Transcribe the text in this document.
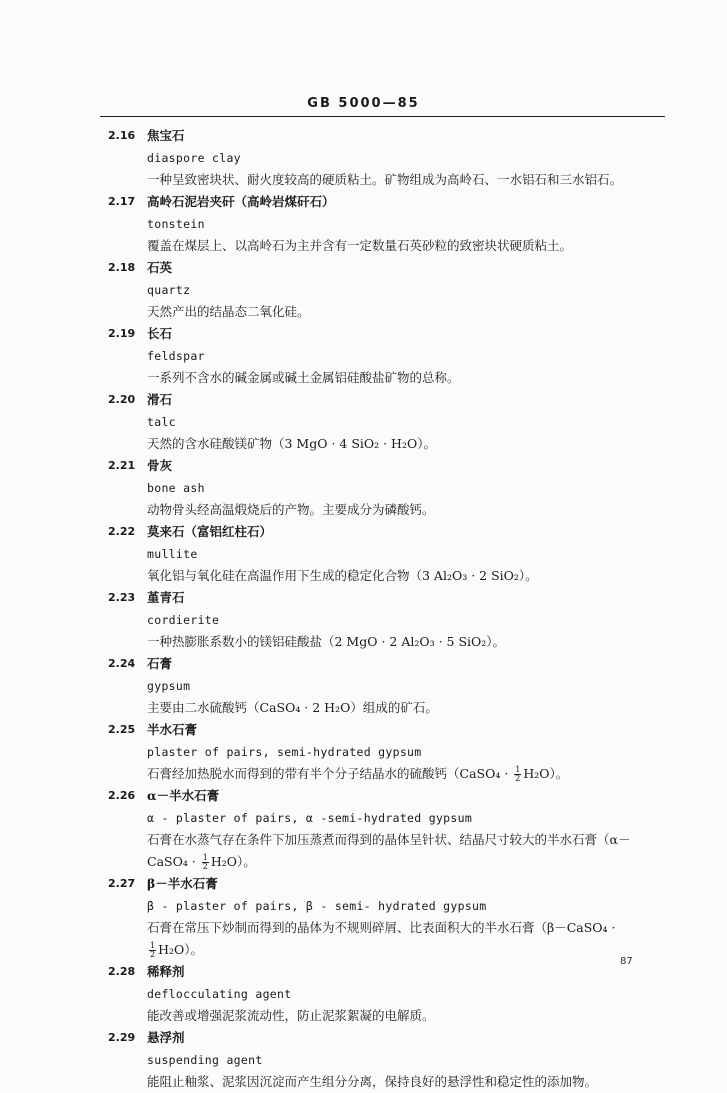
GB 5000—85
2.16 焦宝石
diaspore clay
一种呈致密块状、耐火度较高的硬质粘土。矿物组成为高岭石、一水铝石和三水铝石。
2.17 高岭石泥岩夹矸（高岭岩煤矸石）
tonstein
覆盖在煤层上、以高岭石为主并含有一定数量石英砂粒的致密块状硬质粘土。
2.18 石英
quartz
天然产出的结晶态二氧化硅。
2.19 长石
feldspar
一系列不含水的碱金属或碱土金属铝硅酸盐矿物的总称。
2.20 滑石
talc
天然的含水硅酸镁矿物（3 MgO · 4 SiO₂ · H₂O）。
2.21 骨灰
bone ash
动物骨头经高温煅烧后的产物。主要成分为磷酸钙。
2.22 莫来石（富铝红柱石）
mullite
氧化铝与氧化硅在高温作用下生成的稳定化合物（3 Al₂O₃ · 2 SiO₂）。
2.23 堇青石
cordierite
一种热膨胀系数小的镁铝硅酸盐（2 MgO · 2 Al₂O₃ · 5 SiO₂）。
2.24 石膏
gypsum
主要由二水硫酸钙（CaSO₄ · 2 H₂O）组成的矿石。
2.25 半水石膏
plaster of pairs, semi-hydrated gypsum
石膏经加热脱水而得到的带有半个分子结晶水的硫酸钙（CaSO₄ · $\frac{1}{2} H_2O$）。
2.26 α－半水石膏
α - plaster of pairs, α -semi-hydrated gypsum
石膏在水蒸气存在条件下加压蒸煮而得到的晶体呈针状、结晶尺寸较大的半水石膏（α－
CaSO₄ · $\frac{1}{2} H_2O$）。
2.27 β－半水石膏
β - plaster of pairs, β - semi- hydrated gypsum
石膏在常压下炒制而得到的晶体为不规则碎屑、比表面积大的半水石膏（β－CaSO₄ ·
$\frac{1}{2} H_2O$）。
2.28 稀释剂
deflocculating agent
能改善或增强泥浆流动性，防止泥浆絮凝的电解质。
2.29 悬浮剂
suspending agent
能阻止釉浆、泥浆因沉淀而产生组分分离，保持良好的悬浮性和稳定性的添加物。
87
